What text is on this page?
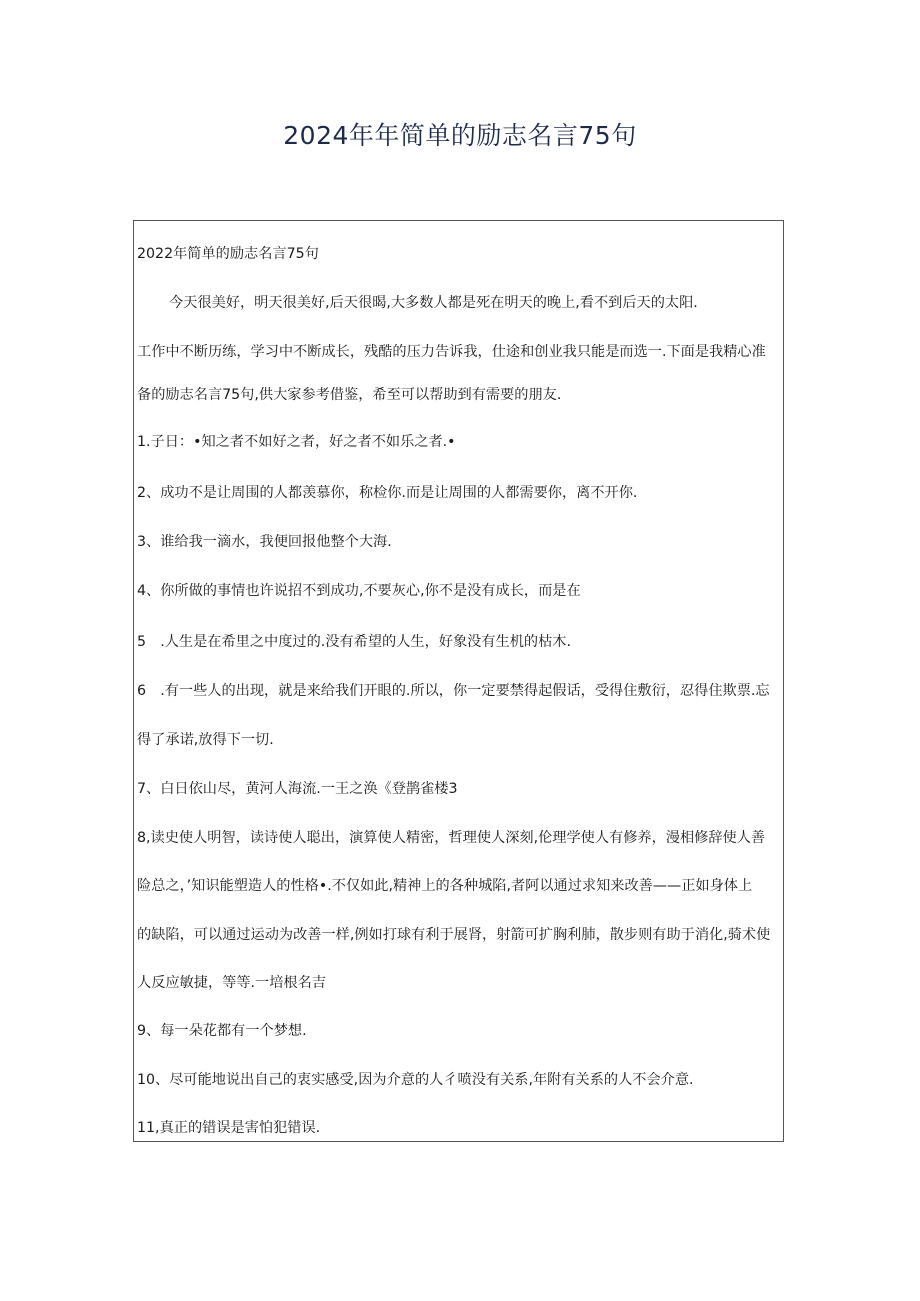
2024年年简单的励志名言75句

2022年简单的励志名言75句

今天很美好，明天很美好,后天很暍,大多数人都是死在明天的晚上,看不到后天的太阳.

工作中不断历练，学习中不断成长，残酷的压力告诉我，仕途和创业我只能是而选一.下面是我精心准

备的励志名言75句,供大家参考借鉴，希至可以帮助到有需要的朋友.

1.子日：•知之者不如好之者，好之者不如乐之者.•

2、成功不是让周围的人都羡慕你，称检你.而是让周围的人都需要你，离不开你.

3、谁给我一滴水，我便回报他整个大海.

4、你所做的事情也许说招不到成功,不要灰心,你不是没有成长，而是在

5　.人生是在希里之中度过的.没有希望的人生，好象没有生机的枯木.

6　.有一些人的出现，就是来给我们开眼的.所以，你一定要禁得起假话，受得住敷衍，忍得住欺票.忘

得了承诺,放得下一切.

7、白日依山尽，黄河人海流.一王之涣《登鹊雀楼3

8,读史使人明智，读诗使人聪出，演算使人精密，哲理使人深刻,伦理学使人有修养，漫相修辞使人善

险总之，’知识能塑造人的性格•.不仅如此,精神上的各种城陷,者阿以通过求知来改善——正如身体上

的缺陷，可以通过运动为改善一样,例如打球有利于展肾，射箭可扩胸利肺，散步则有助于消化,骑术使

人反应敏捷，等等.一培根名吉

9、每一朵花都有一个梦想.

10、尽可能地说出自己的衷实感受,因为介意的人彳喷没有关系,年附有关系的人不会介意.

11,真正的错误是害怕犯错误.
